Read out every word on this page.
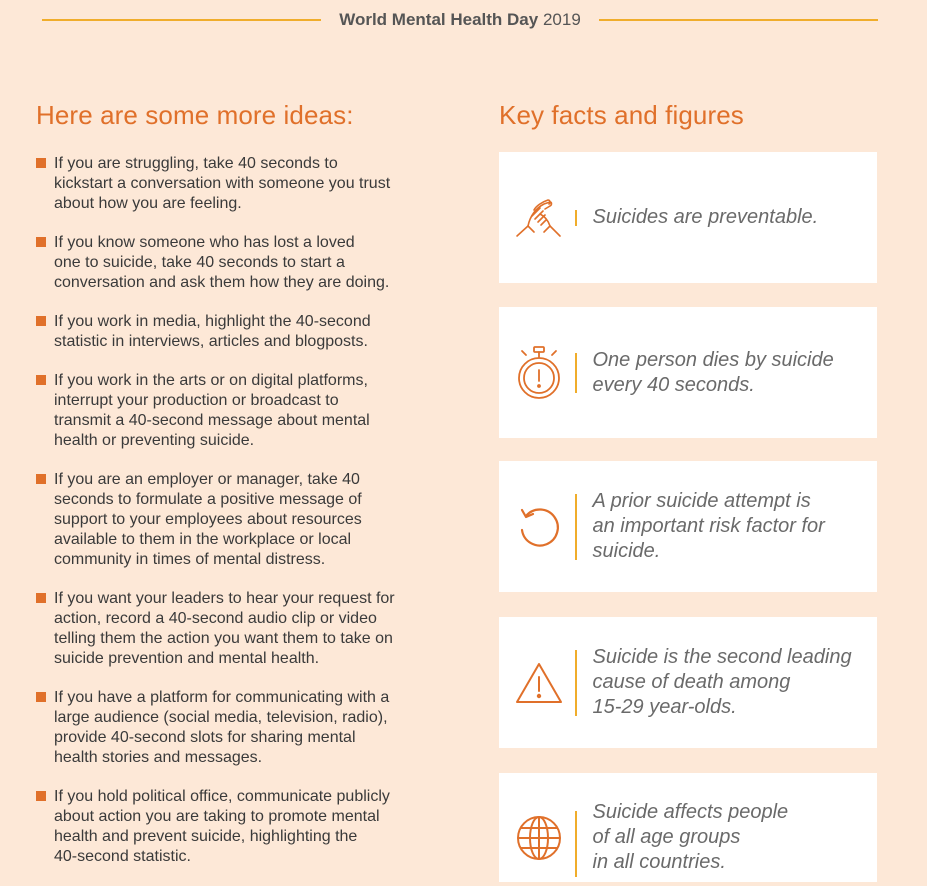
World Mental Health Day 2019
Here are some more ideas:
If you are struggling, take 40 seconds to
kickstart a conversation with someone you trust
about how you are feeling.
If you know someone who has lost a loved
one to suicide, take 40 seconds to start a
conversation and ask them how they are doing.
If you work in media, highlight the 40-second
statistic in interviews, articles and blogposts.
If you work in the arts or on digital platforms,
interrupt your production or broadcast to
transmit a 40-second message about mental
health or preventing suicide.
If you are an employer or manager, take 40
seconds to formulate a positive message of
support to your employees about resources
available to them in the workplace or local
community in times of mental distress.
If you want your leaders to hear your request for
action, record a 40-second audio clip or video
telling them the action you want them to take on
suicide prevention and mental health.
If you have a platform for communicating with a
large audience (social media, television, radio),
provide 40-second slots for sharing mental
health stories and messages.
If you hold political office, communicate publicly
about action you are taking to promote mental
health and prevent suicide, highlighting the
40-second statistic.
Key facts and figures
Suicides are preventable.
One person dies by suicide
every 40 seconds.
A prior suicide attempt is
an important risk factor for
suicide.
Suicide is the second leading
cause of death among
15-29 year-olds.
Suicide affects people
of all age groups
in all countries.
